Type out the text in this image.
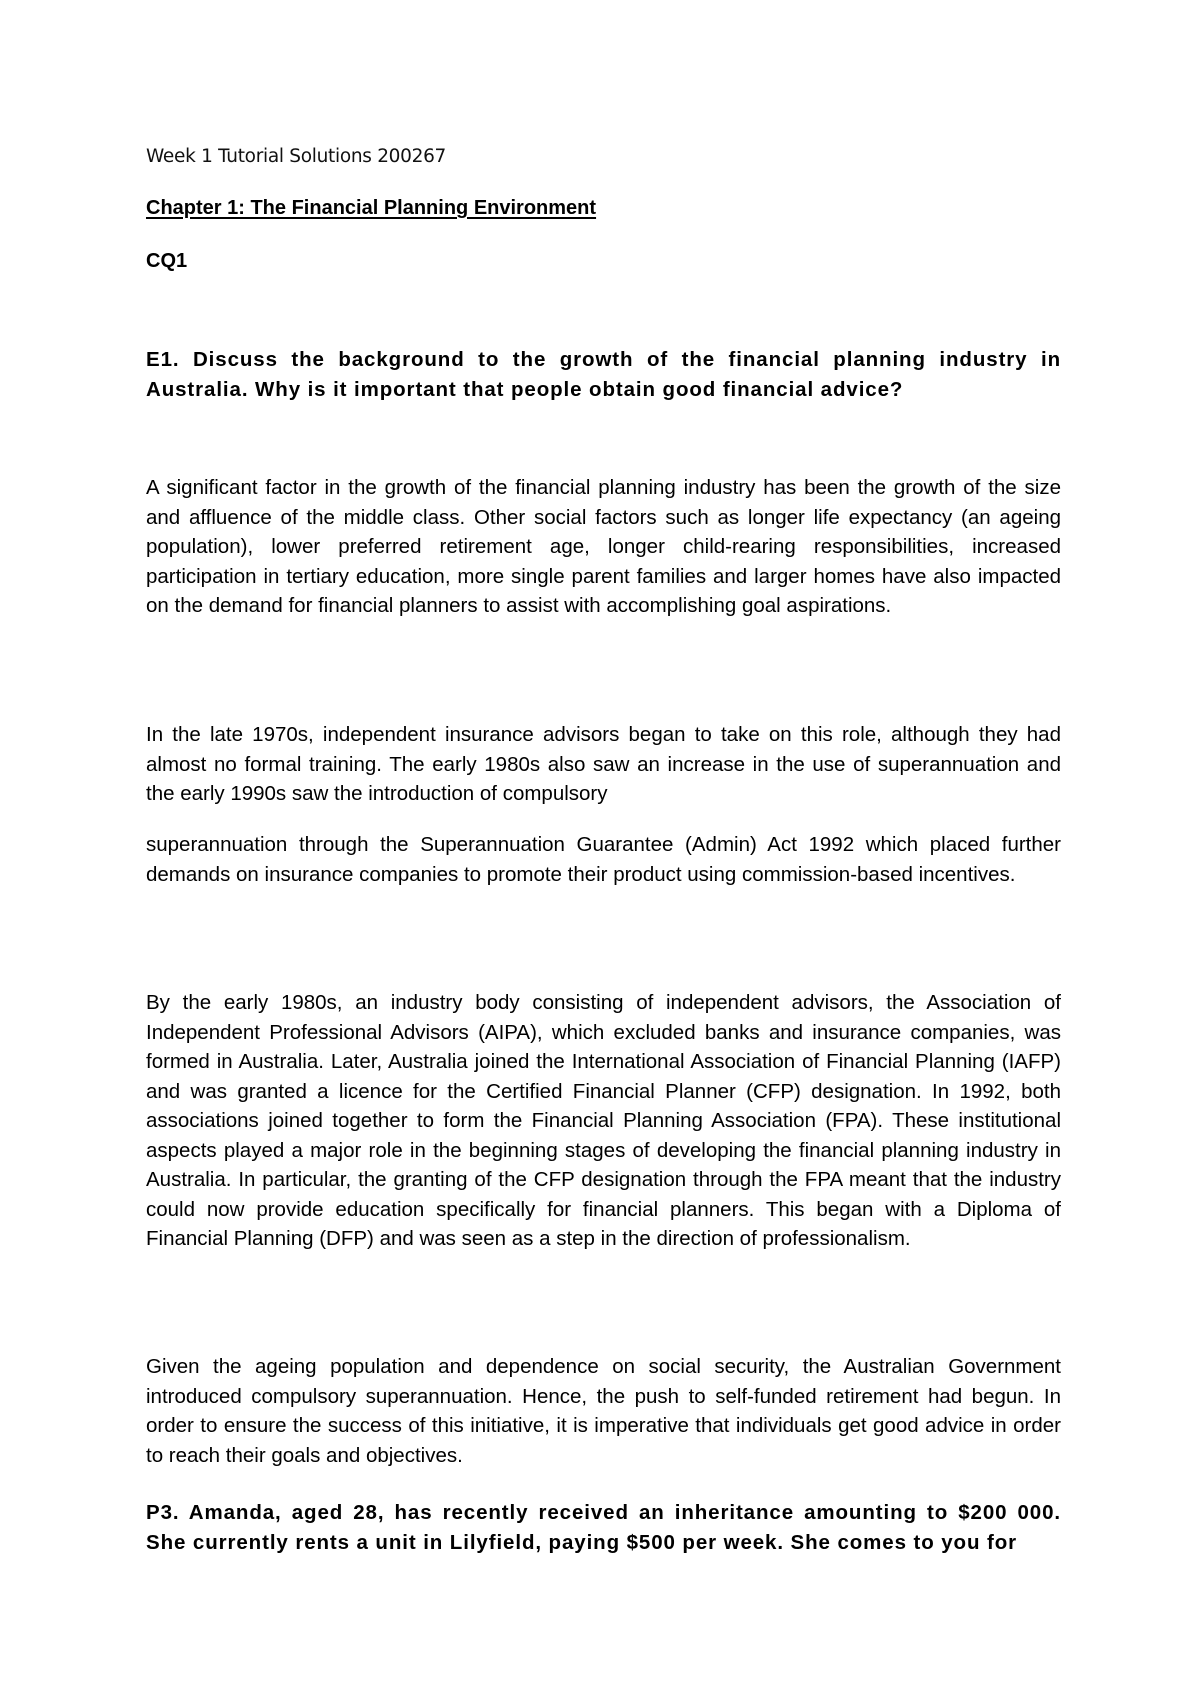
Week 1 Tutorial Solutions 200267
Chapter 1: The Financial Planning Environment
CQ1
E1. Discuss the background to the growth of the financial planning industry in Australia. Why is it important that people obtain good financial advice?
A significant factor in the growth of the financial planning industry has been the growth of the size and affluence of the middle class. Other social factors such as longer life expectancy (an ageing population), lower preferred retirement age, longer child-rearing responsibilities, increased participation in tertiary education, more single parent families and larger homes have also impacted on the demand for financial planners to assist with accomplishing goal aspirations.
In the late 1970s, independent insurance advisors began to take on this role, although they had almost no formal training. The early 1980s also saw an increase in the use of superannuation and the early 1990s saw the introduction of compulsory
superannuation through the Superannuation Guarantee (Admin) Act 1992 which placed further demands on insurance companies to promote their product using commission-based incentives.
By the early 1980s, an industry body consisting of independent advisors, the Association of Independent Professional Advisors (AIPA), which excluded banks and insurance companies, was formed in Australia. Later, Australia joined the International Association of Financial Planning (IAFP) and was granted a licence for the Certified Financial Planner (CFP) designation. In 1992, both associations joined together to form the Financial Planning Association (FPA). These institutional aspects played a major role in the beginning stages of developing the financial planning industry in Australia. In particular, the granting of the CFP designation through the FPA meant that the industry could now provide education specifically for financial planners. This began with a Diploma of Financial Planning (DFP) and was seen as a step in the direction of professionalism.
Given the ageing population and dependence on social security, the Australian Government introduced compulsory superannuation. Hence, the push to self-funded retirement had begun. In order to ensure the success of this initiative, it is imperative that individuals get good advice in order to reach their goals and objectives.
P3. Amanda, aged 28, has recently received an inheritance amounting to $200 000. She currently rents a unit in Lilyfield, paying $500 per week. She comes to you for
